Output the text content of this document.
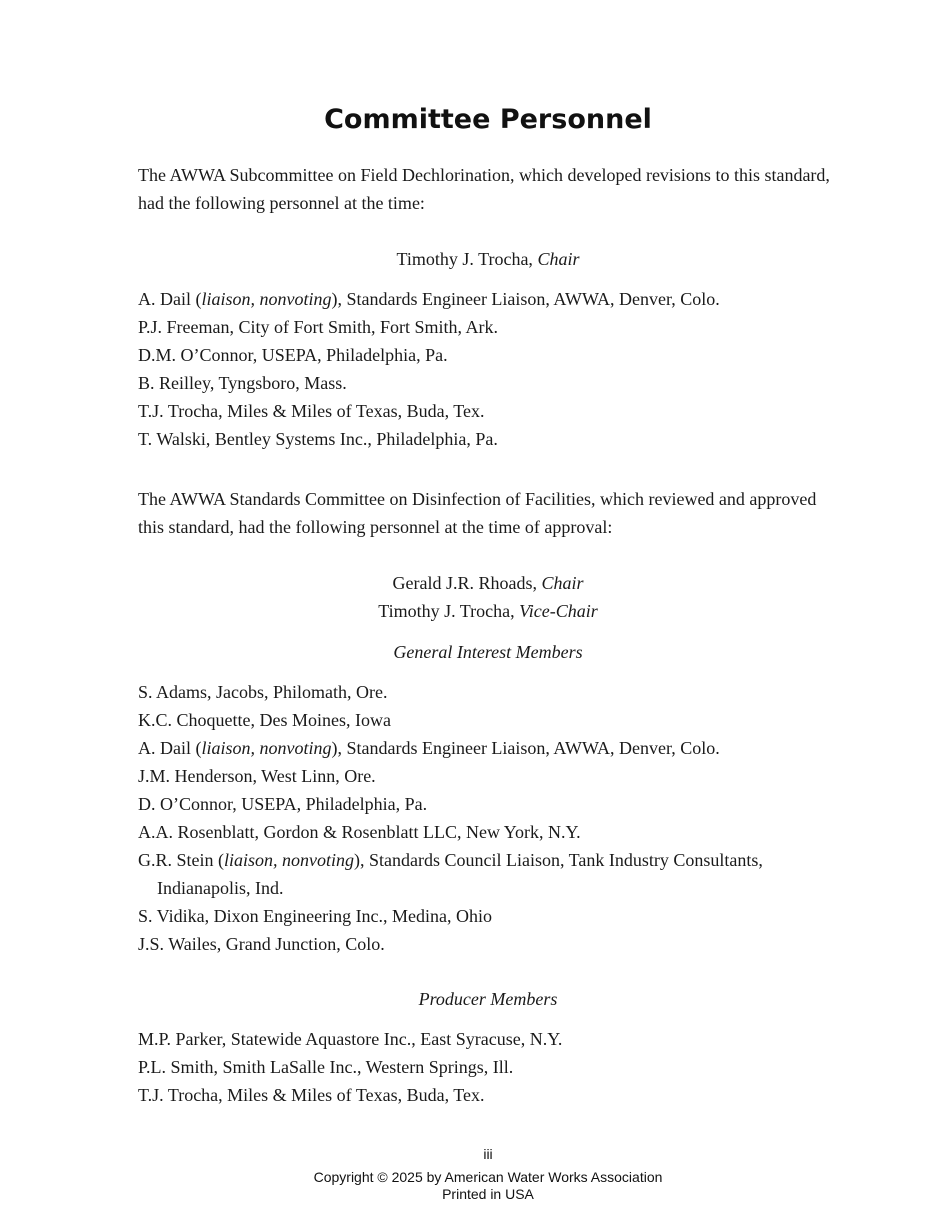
Committee Personnel
The AWWA Subcommittee on Field Dechlorination, which developed revisions to this standard, had the following personnel at the time:
Timothy J. Trocha, Chair
A. Dail (liaison, nonvoting), Standards Engineer Liaison, AWWA, Denver, Colo.
P.J. Freeman, City of Fort Smith, Fort Smith, Ark.
D.M. O’Connor, USEPA, Philadelphia, Pa.
B. Reilley, Tyngsboro, Mass.
T.J. Trocha, Miles & Miles of Texas, Buda, Tex.
T. Walski, Bentley Systems Inc., Philadelphia, Pa.
The AWWA Standards Committee on Disinfection of Facilities, which reviewed and approved this standard, had the following personnel at the time of approval:
Gerald J.R. Rhoads, Chair
Timothy J. Trocha, Vice-Chair
General Interest Members
S. Adams, Jacobs, Philomath, Ore.
K.C. Choquette, Des Moines, Iowa
A. Dail (liaison, nonvoting), Standards Engineer Liaison, AWWA, Denver, Colo.
J.M. Henderson, West Linn, Ore.
D. O’Connor, USEPA, Philadelphia, Pa.
A.A. Rosenblatt, Gordon & Rosenblatt LLC, New York, N.Y.
G.R. Stein (liaison, nonvoting), Standards Council Liaison, Tank Industry Consultants, Indianapolis, Ind.
S. Vidika, Dixon Engineering Inc., Medina, Ohio
J.S. Wailes, Grand Junction, Colo.
Producer Members
M.P. Parker, Statewide Aquastore Inc., East Syracuse, N.Y.
P.L. Smith, Smith LaSalle Inc., Western Springs, Ill.
T.J. Trocha, Miles & Miles of Texas, Buda, Tex.
iii
Copyright © 2025 by American Water Works Association
Printed in USA
